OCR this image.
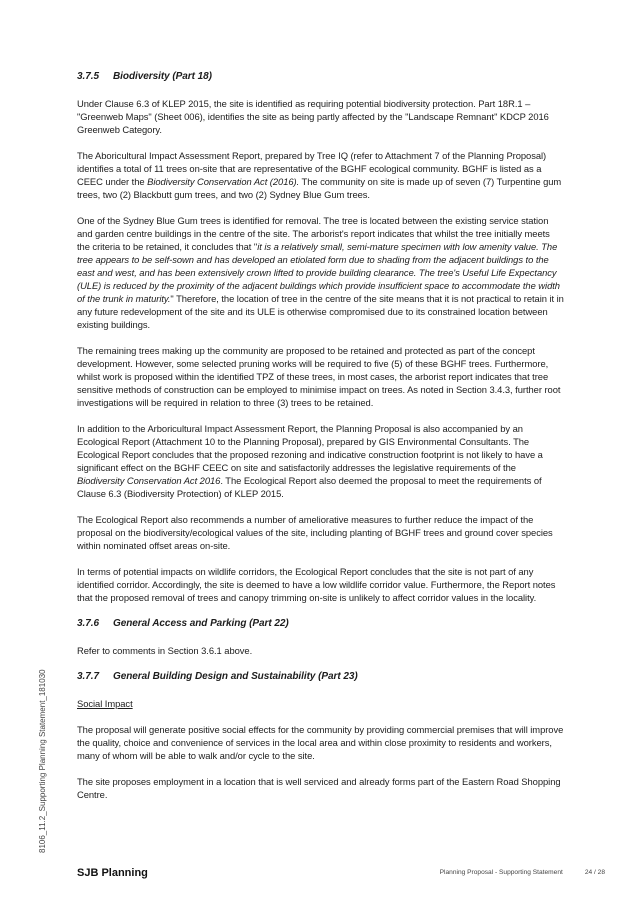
8106_11.2_Supporting Planning Statement_181030
3.7.5 Biodiversity (Part 18)

Under Clause 6.3 of KLEP 2015, the site is identified as requiring potential biodiversity protection. Part 18R.1 – "Greenweb Maps" (Sheet 006), identifies the site as being partly affected by the "Landscape Remnant" KDCP 2016 Greenweb Category.

The Aboricultural Impact Assessment Report, prepared by Tree IQ (refer to Attachment 7 of the Planning Proposal) identifies a total of 11 trees on-site that are representative of the BGHF ecological community. BGHF is listed as a CEEC under the Biodiversity Conservation Act (2016). The community on site is made up of seven (7) Turpentine gum trees, two (2) Blackbutt gum trees, and two (2) Sydney Blue Gum trees.

One of the Sydney Blue Gum trees is identified for removal. The tree is located between the existing service station and garden centre buildings in the centre of the site. The arborist's report indicates that whilst the tree initially meets the criteria to be retained, it concludes that "it is a relatively small, semi-mature specimen with low amenity value. The tree appears to be self-sown and has developed an etiolated form due to shading from the adjacent buildings to the east and west, and has been extensively crown lifted to provide building clearance. The tree's Useful Life Expectancy (ULE) is reduced by the proximity of the adjacent buildings which provide insufficient space to accommodate the width of the trunk in maturity." Therefore, the location of tree in the centre of the site means that it is not practical to retain it in any future redevelopment of the site and its ULE is otherwise compromised due to its constrained location between existing buildings.

The remaining trees making up the community are proposed to be retained and protected as part of the concept development. However, some selected pruning works will be required to five (5) of these BGHF trees. Furthermore, whilst work is proposed within the identified TPZ of these trees, in most cases, the arborist report indicates that tree sensitive methods of construction can be employed to minimise impact on trees. As noted in Section 3.4.3, further root investigations will be required in relation to three (3) trees to be retained.

In addition to the Arboricultural Impact Assessment Report, the Planning Proposal is also accompanied by an Ecological Report (Attachment 10 to the Planning Proposal), prepared by GIS Environmental Consultants. The Ecological Report concludes that the proposed rezoning and indicative construction footprint is not likely to have a significant effect on the BGHF CEEC on site and satisfactorily addresses the legislative requirements of the Biodiversity Conservation Act 2016. The Ecological Report also deemed the proposal to meet the requirements of Clause 6.3 (Biodiversity Protection) of KLEP 2015.

The Ecological Report also recommends a number of ameliorative measures to further reduce the impact of the proposal on the biodiversity/ecological values of the site, including planting of BGHF trees and ground cover species within nominated offset areas on-site.

In terms of potential impacts on wildlife corridors, the Ecological Report concludes that the site is not part of any identified corridor. Accordingly, the site is deemed to have a low wildlife corridor value. Furthermore, the Report notes that the proposed removal of trees and canopy trimming on-site is unlikely to affect corridor values in the locality.

3.7.6 General Access and Parking (Part 22)

Refer to comments in Section 3.6.1 above.

3.7.7 General Building Design and Sustainability (Part 23)

Social Impact

The proposal will generate positive social effects for the community by providing commercial premises that will improve the quality, choice and convenience of services in the local area and within close proximity to residents and workers, many of whom will be able to walk and/or cycle to the site.

The site proposes employment in a location that is well serviced and already forms part of the Eastern Road Shopping Centre.

SJB Planning	Planning Proposal - Supporting Statement	24 / 28
